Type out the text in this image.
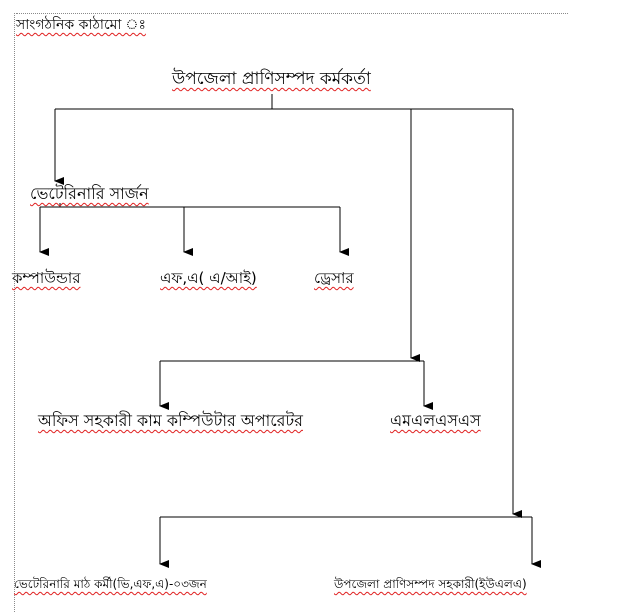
সাংগঠনিক কাঠামো ঃ
উপজেলা প্রাণিসম্পদ কর্মকর্তা
ভেটেরিনারি সার্জন
কম্পাউন্ডার	এফ,এ( এ/আই)	ড্রেসার
অফিস সহকারী কাম কম্পিউটার অপারেটর	এমএলএসএস
ভেটেরিনারি মাঠ কর্মী(ভি,এফ,এ)-০৩জন	উপজেলা প্রাণিসম্পদ সহকারী(ইউএলএ)
